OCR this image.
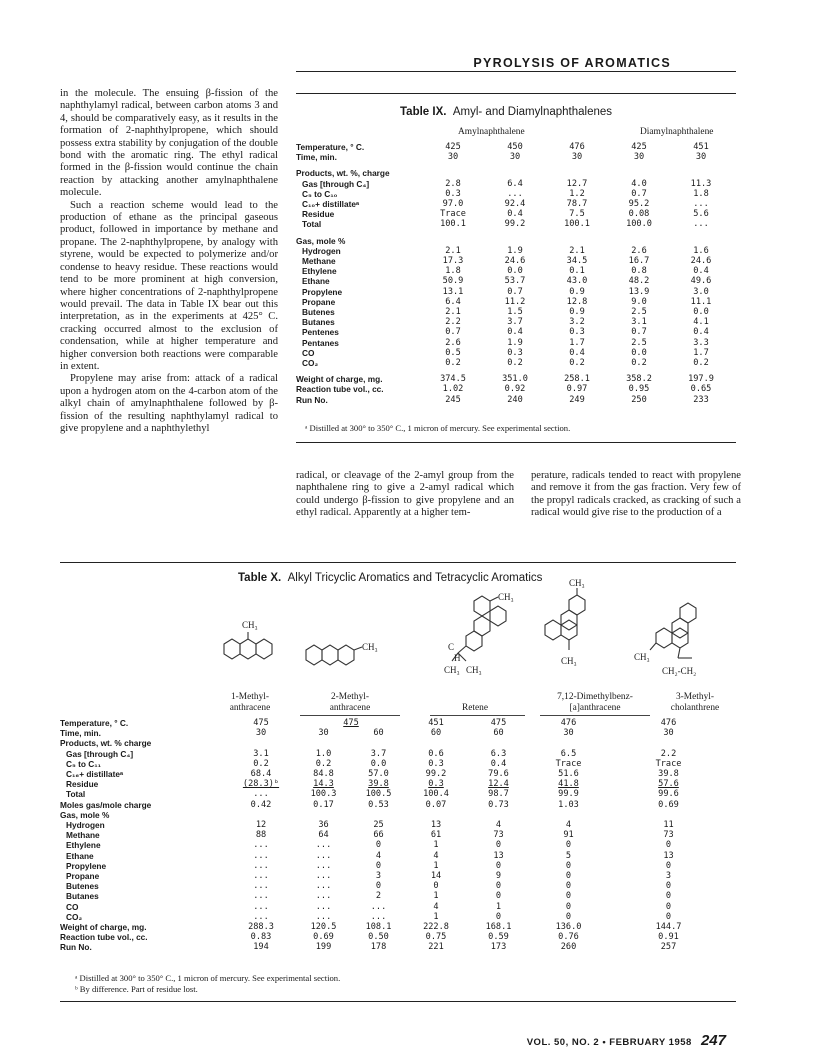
PYROLYSIS OF AROMATICS

in the molecule. The ensuing β-fission of the naphthylamyl radical, between carbon atoms 3 and 4, should be comparatively easy, as it results in the formation of 2-naphthylpropene, which should possess extra stability by conjugation of the double bond with the aromatic ring. The ethyl radical formed in the β-fission would continue the chain reaction by attacking another amylnaphthalene molecule.

Such a reaction scheme would lead to the production of ethane as the principal gaseous product, followed in importance by methane and propane. The 2-naphthylpropene, by analogy with styrene, would be expected to polymerize and/or condense to heavy residue. These reactions would tend to be more prominent at high conversion, where higher concentrations of 2-naphthylpropene would prevail. The data in Table IX bear out this interpretation, as in the experiments at 425° C. cracking occurred almost to the exclusion of condensation, while at higher temperature and higher conversion both reactions were comparable in extent.

Propylene may arise from: attack of a radical upon a hydrogen atom on the 4-carbon atom of the alkyl chain of amylnaphthalene followed by β-fission of the resulting naphthylamyl radical to give propylene and a naphthylethyl

Table IX. Amyl- and Diamylnaphthalenes
Amylnaphthalene	Diamylnaphthalene
Temperature, ° C.	425	450	476	425	451
Time, min.	30	30	30	30	30

Products, wt. %, charge					
Gas [through C₄]	2.8	6.4	12.7	4.0	11.3
C₅ to C₁₀	0.3	...	1.2	0.7	1.8
C₁₀+ distillateᵃ	97.0	92.4	78.7	95.2	...
Residue	Trace	0.4	7.5	0.08	5.6
Total	100.1	99.2	100.1	100.0	...

Gas, mole %					
Hydrogen	2.1	1.9	2.1	2.6	1.6
Methane	17.3	24.6	34.5	16.7	24.6
Ethylene	1.8	0.0	0.1	0.8	0.4
Ethane	50.9	53.7	43.0	48.2	49.6
Propylene	13.1	0.7	0.9	13.9	3.0
Propane	6.4	11.2	12.8	9.0	11.1
Butenes	2.1	1.5	0.9	2.5	0.0
Butanes	2.2	3.7	3.2	3.1	4.1
Pentenes	0.7	0.4	0.3	0.7	0.4
Pentanes	2.6	1.9	1.7	2.5	3.3
CO	0.5	0.3	0.4	0.0	1.7
CO₂	0.2	0.2	0.2	0.2	0.2

Weight of charge, mg.	374.5	351.0	258.1	358.2	197.9
Reaction tube vol., cc.	1.02	0.92	0.97	0.95	0.65
Run No.	245	240	249	250	233
ᵃ Distilled at 300° to 350° C., 1 micron of mercury. See experimental section.

radical, or cleavage of the 2-amyl group from the naphthalene ring to give a 2-amyl radical which could undergo β-fission to give propylene and an ethyl radical. Apparently at a higher tem-

perature, radicals tended to react with propylene and remove it from the gas fraction. Very few of the propyl radicals cracked, as cracking of such a radical would give rise to the production of a

Table X. Alkyl Tricyclic Aromatics and Tetracyclic Aromatics
CH₃
CH₃
CH₃
C
H
CH₃ CH₃
CH₃
CH₃	CH₃
CH₂-CH₂
1-Methyl-
anthracene
2-Methyl-
anthracene	Retene
7,12-Dimethylbenz-
[a]anthracene
3-Methyl-
cholanthrene
Temperature, ° C.	475	475		451	475	476	476
Time, min.	30	30	60	60	60	30	30
Products, wt. % charge							
Gas [through C₄]	3.1	1.0	3.7	0.6	6.3	6.5	2.2
C₅ to C₁₁	0.2	0.2	0.0	0.3	0.4	Trace	Trace
C₁₆+ distillateᵃ	68.4	84.8	57.0	99.2	79.6	51.6	39.8
Residue	(28.3)ᵇ	14.3	39.8	0.3	12.4	41.8	57.6
Total	...	100.3	100.5	100.4	98.7	99.9	99.6
Moles gas/mole charge	0.42	0.17	0.53	0.07	0.73	1.03	0.69
Gas, mole %							
Hydrogen	12	36	25	13	4	4	11
Methane	88	64	66	61	73	91	73
Ethylene	...	...	0	1	0	0	0
Ethane	...	...	4	4	13	5	13
Propylene	...	...	0	1	0	0	0
Propane	...	...	3	14	9	0	3
Butenes	...	...	0	0	0	0	0
Butanes	...	...	2	1	0	0	0
CO	...	...	...	4	1	0	0
CO₂	...	...	...	1	0	0	0
Weight of charge, mg.	288.3	120.5	108.1	222.8	168.1	136.0	144.7
Reaction tube vol., cc.	0.83	0.69	0.50	0.75	0.59	0.76	0.91
Run No.	194	199	178	221	173	260	257
ᵃ Distilled at 300° to 350° C., 1 micron of mercury. See experimental section.
ᵇ By difference. Part of residue lost.
VOL. 50, NO. 2 • FEBRUARY 1958 247
